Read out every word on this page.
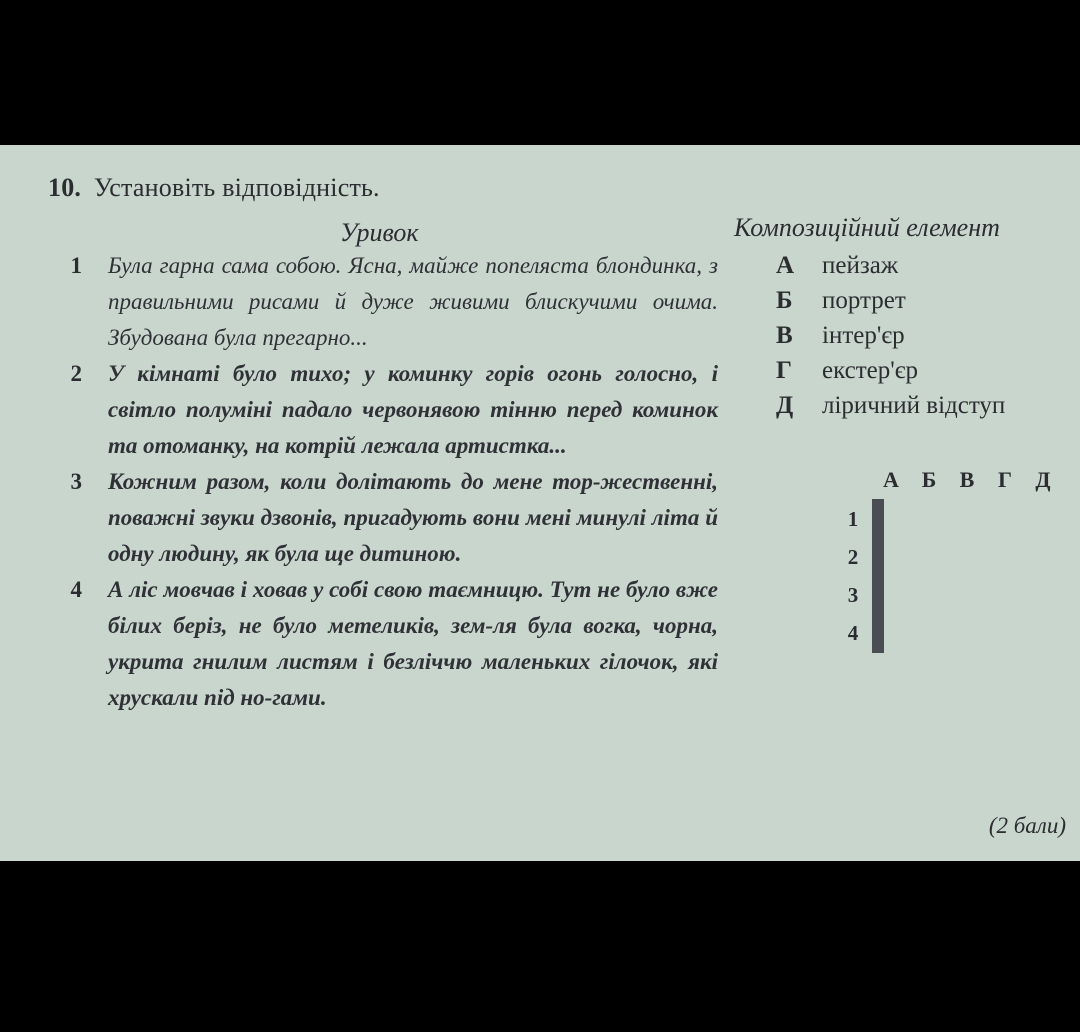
10. Установіть відповідність.
Уривок	Композиційний елемент
1 Була гарна сама собою. Ясна, майже попеляста блондинка, з правильними рисами й дуже живими блискучими очима. Збудована була прегарно...
2 У кімнаті було тихо; у коминку горів огонь голосно, і світло полуміні падало червонявою тінню перед коминок та отоманку, на котрій лежала артистка...
3 Кожним разом, коли долітають до мене тор-жественні, поважні звуки дзвонів, пригадують вони мені минулі літа й одну людину, як була ще дитиною.
4 А ліс мовчав і ховав у собі свою таємницю. Тут не було вже білих беріз, не було метеликів, зем-ля була вогка, чорна, укрита гнилим листям і безліччю маленьких гілочок, які хрускали під но-гами.
А	пейзаж
Б	портрет
В	інтер'єр
Г	екстер'єр
Д	ліричний відступ
А	Б	В	Г	Д
1
2
3
4

(2 бали)
